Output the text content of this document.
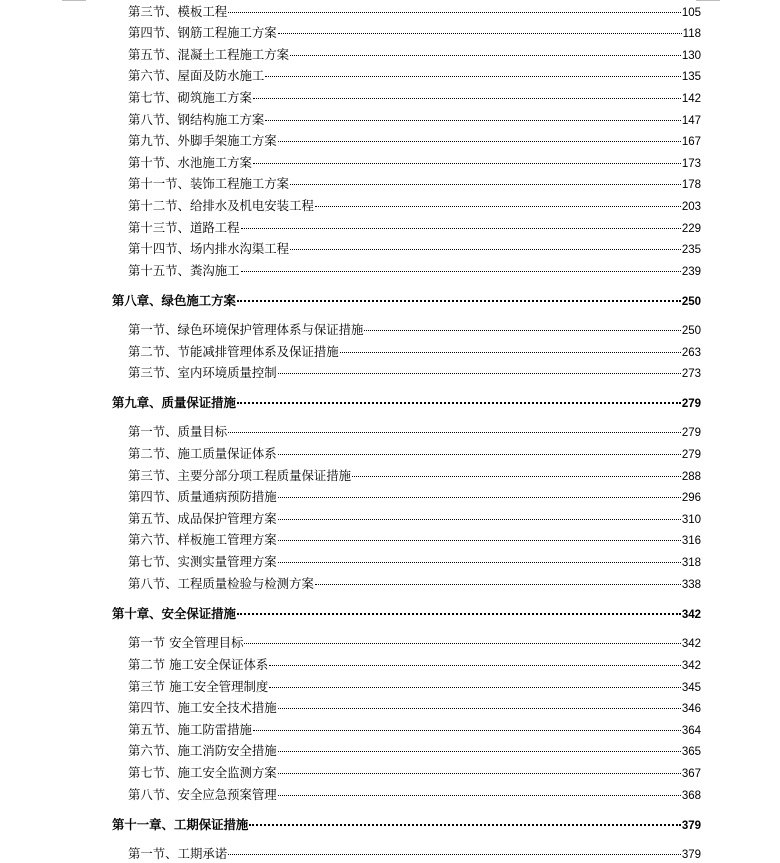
第三节、模板工程	105
第四节、钢筋工程施工方案	118
第五节、混凝土工程施工方案	130
第六节、屋面及防水施工	135
第七节、砌筑施工方案	142
第八节、钢结构施工方案	147
第九节、外脚手架施工方案	167
第十节、水池施工方案	173
第十一节、装饰工程施工方案	178
第十二节、给排水及机电安装工程	203
第十三节、道路工程	229
第十四节、场内排水沟渠工程	235
第十五节、粪沟施工	239
第八章、绿色施工方案	250
第一节、绿色环境保护管理体系与保证措施	250
第二节、节能减排管理体系及保证措施	263
第三节、室内环境质量控制	273
第九章、质量保证措施	279
第一节、质量目标	279
第二节、施工质量保证体系	279
第三节、主要分部分项工程质量保证措施	288
第四节、质量通病预防措施	296
第五节、成品保护管理方案	310
第六节、样板施工管理方案	316
第七节、实测实量管理方案	318
第八节、工程质量检验与检测方案	338
第十章、安全保证措施	342
第一节 安全管理目标	342
第二节 施工安全保证体系	342
第三节 施工安全管理制度	345
第四节、施工安全技术措施	346
第五节、施工防雷措施	364
第六节、施工消防安全措施	365
第七节、施工安全监测方案	367
第八节、安全应急预案管理	368
第十一章、工期保证措施	379
第一节、工期承诺	379
